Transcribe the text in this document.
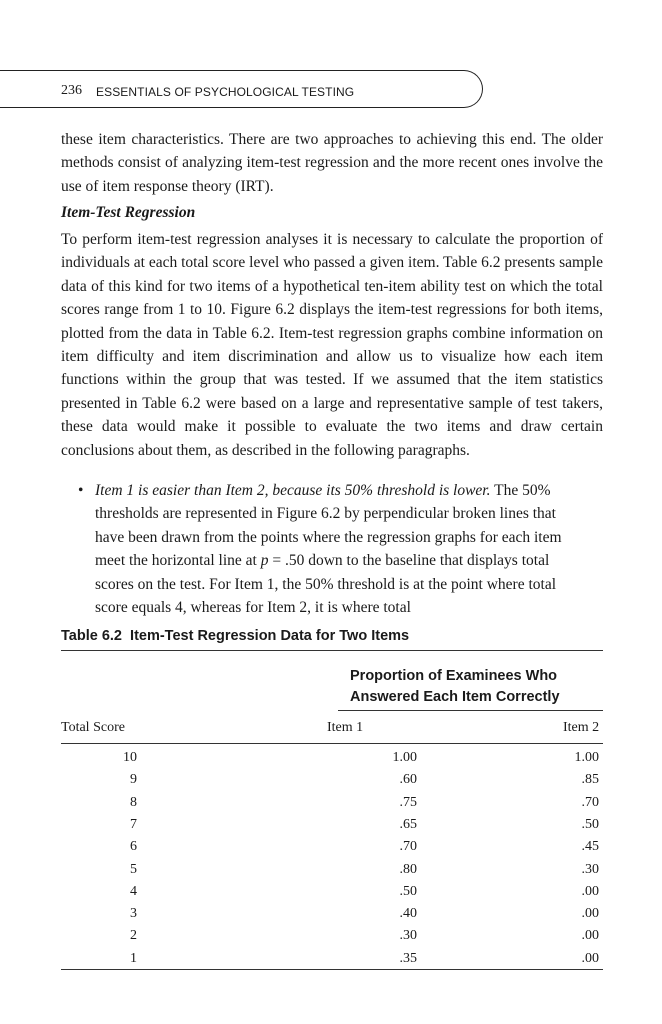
236 ESSENTIALS OF PSYCHOLOGICAL TESTING
these item characteristics. There are two approaches to achieving this end. The older methods consist of analyzing item-test regression and the more recent ones involve the use of item response theory (IRT).
Item-Test Regression
To perform item-test regression analyses it is necessary to calculate the proportion of individuals at each total score level who passed a given item. Table 6.2 presents sample data of this kind for two items of a hypothetical ten-item ability test on which the total scores range from 1 to 10. Figure 6.2 displays the item-test regressions for both items, plotted from the data in Table 6.2. Item-test regression graphs combine information on item difficulty and item discrimination and allow us to visualize how each item functions within the group that was tested. If we assumed that the item statistics presented in Table 6.2 were based on a large and representative sample of test takers, these data would make it possible to evaluate the two items and draw certain conclusions about them, as described in the following paragraphs.
• Item 1 is easier than Item 2, because its 50% threshold is lower. The 50% thresholds are represented in Figure 6.2 by perpendicular broken lines that have been drawn from the points where the regression graphs for each item meet the horizontal line at p = .50 down to the baseline that displays total scores on the test. For Item 1, the 50% threshold is at the point where total score equals 4, whereas for Item 2, it is where total
Table 6.2  Item-Test Regression Data for Two Items
Proportion of Examinees Who
Answered Each Item Correctly
Total Score	Item 1	Item 2
10	1.00	1.00
9	.60	.85
8	.75	.70
7	.65	.50
6	.70	.45
5	.80	.30
4	.50	.00
3	.40	.00
2	.30	.00
1	.35	.00
